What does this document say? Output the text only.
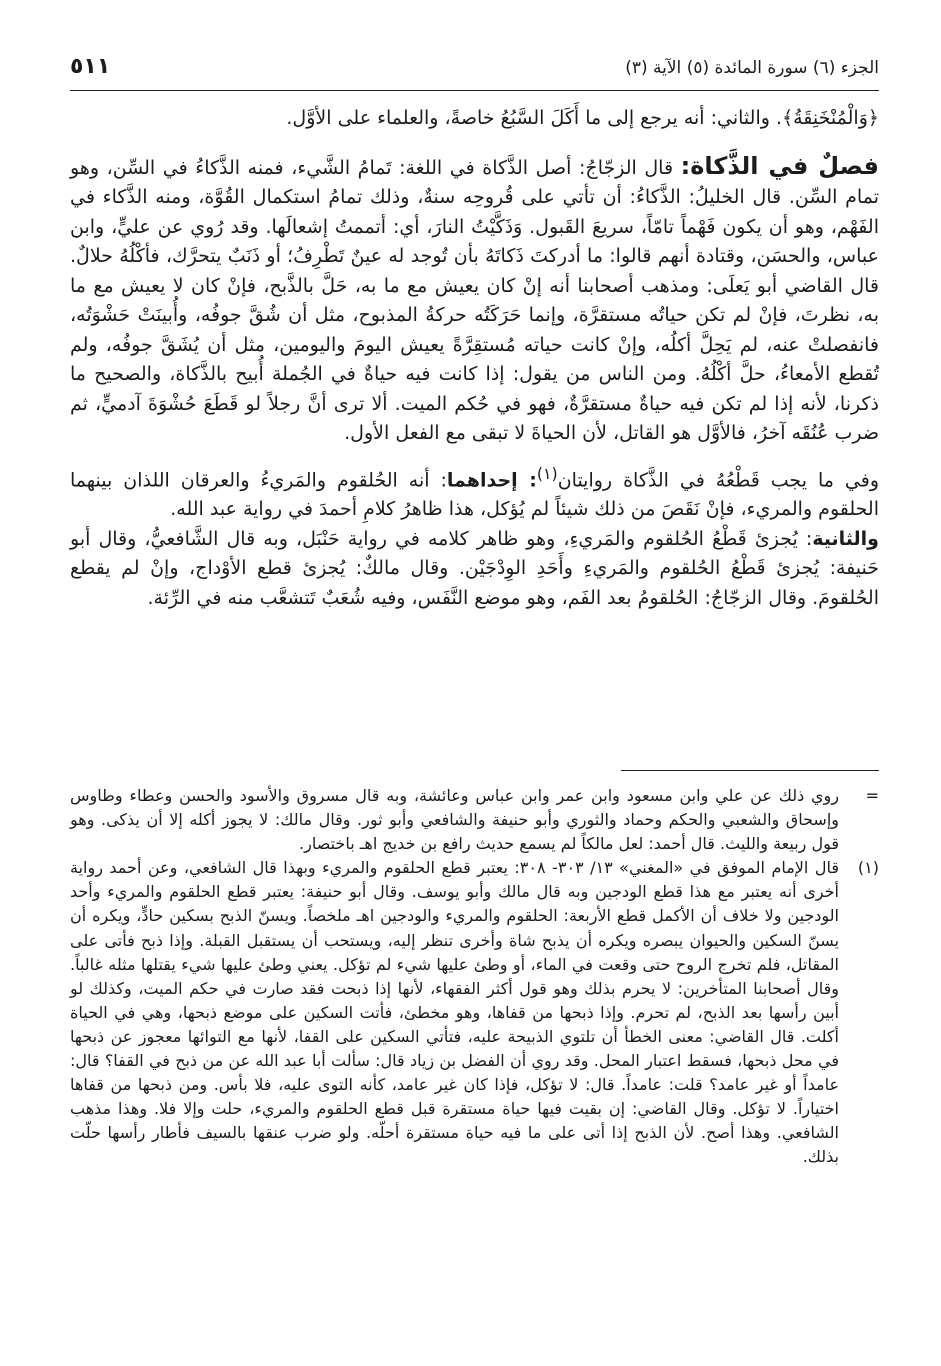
الجزء (٦) سورة المائدة (٥) الآية (٣)
٥١١

﴿وَالْمُنْخَنِقَةُ﴾. والثاني: أنه يرجع إلى ما أَكَلَ السَّبُعُ خاصةً، والعلماء على الأوَّل.

فصلٌ في الذَّكاة: قال الزجّاجُ: أصل الذَّكاة في اللغة: تَمامُ الشَّيء، فمنه الذَّكاءُ في السِّن، وهو تمام السِّن. قال الخليلُ: الذَّكاءُ: أن تأتي على قُروحِه سنةٌ، وذلك تمامُ استكمال القُوَّة، ومنه الذَّكاء في الفَهْم، وهو أن يكون فَهْماً تامّاً، سريعَ القَبول. وَذَكَّيْتُ النارَ، أي: أتممتُ إشعالَها. وقد رُوي عن عليٍّ، وابن عباس، والحسَن، وقتادة أنهم قالوا: ما أدركتَ ذَكاتَهُ بأن تُوجد له عينٌ تَطْرِفُ؛ أو ذَنَبٌ يتحرَّك، فأكْلُهُ حلالٌ. قال القاضي أبو يَعلَى: ومذهب أصحابنا أنه إنْ كان يعيش مع ما به، حَلَّ بالذَّبح، فإنْ كان لا يعيش مع ما به، نظرتَ، فإنْ لم تكن حياتُه مستقرَّة، وإنما حَرَكَتُه حركةُ المذبوح، مثل أن شُقَّ جوفُه، وأُبينَتْ حَشْوَتُه، فانفصلتْ عنه، لم يَحِلَّ أكلُه، وإنْ كانت حياته مُستقِرَّةً يعيش اليومَ واليومين، مثل أن يُشَقَّ جوفُه، ولم تُقطع الأمعاءُ، حلَّ أكْلُهُ. ومن الناس من يقول: إذا كانت فيه حياةٌ في الجُملة أُبيح بالذَّكاة، والصحيح ما ذكرنا، لأنه إذا لم تكن فيه حياةٌ مستقرَّةٌ، فهو في حُكم الميت. ألا ترى أنَّ رجلاً لو قَطَعَ حُشْوَةَ آدميٍّ، ثم ضرب عُنُقَه آخرُ، فالأوَّل هو القاتل، لأن الحياةَ لا تبقى مع الفعل الأول.

وفي ما يجب قَطْعُهُ في الذَّكاة روايتان$^{(١)}$: إحداهما: أنه الحُلقوم والمَريءُ والعرقان اللذان بينهما الحلقوم والمريء، فإنْ نَقَصَ من ذلك شيئاً لم يُؤكل، هذا ظاهرُ كلامِ أحمدَ في رواية عبد الله.

والثانية: يُجزئ قَطْعُ الحُلقوم والمَريءِ، وهو ظاهر كلامه في رواية حَنْبَل، وبه قال الشَّافعيُّ، وقال أبو حَنيفة: يُجزئ قَطْعُ الحُلقوم والمَريءِ وأَحَدِ الوِدْجَيْن. وقال مالكٌ: يُجزئ قطع الأوْداج، وإنْ لم يقطع الحُلقومَ. وقال الزجّاجُ: الحُلقومُ بعد الفَم، وهو موضع النَّفَس، وفيه شُعَبٌ تَتشعَّب منه في الرِّئة.

=
روي ذلك عن علي وابن مسعود وابن عمر وابن عباس وعائشة، وبه قال مسروق والأسود والحسن وعطاء وطاوس وإسحاق والشعبي والحكم وحماد والثوري وأبو حنيفة والشافعي وأبو ثور. وقال مالك: لا يجوز أكله إلا أن يذكى. وهو قول ربيعة والليث. قال أحمد: لعل مالكاً لم يسمع حديث رافع بن خديج اهـ باختصار.
(١)
قال الإمام الموفق في «المغني» ١٣/ ٣٠٣- ٣٠٨: يعتبر قطع الحلقوم والمريء وبهذا قال الشافعي، وعن أحمد رواية أخرى أنه يعتبر مع هذا قطع الودجين وبه قال مالك وأبو يوسف. وقال أبو حنيفة: يعتبر قطع الحلقوم والمريء وأحد الودجين ولا خلاف أن الأكمل قطع الأربعة: الحلقوم والمريء والودجين اهـ ملخصاً. ويسنّ الذبح بسكين حادٍّ، ويكره أن يسنّ السكين والحيوان يبصره ويكره أن يذبح شاة وأخرى تنظر إليه، ويستحب أن يستقبل القبلة. وإذا ذبح فأتى على المقاتل، فلم تخرج الروح حتى وقعت في الماء، أو وطئ عليها شيء لم تؤكل. يعني وطئ عليها شيء يقتلها مثله غالباً. وقال أصحابنا المتأخرين: لا يحرم بذلك وهو قول أكثر الفقهاء، لأنها إذا ذبحت فقد صارت في حكم الميت، وكذلك لو أبين رأسها بعد الذبح، لم تحرم. وإذا ذبحها من قفاها، وهو مخطئ، فأتت السكين على موضع ذبحها، وهي في الحياة أكلت. قال القاضي: معنى الخطأ أن تلتوي الذبيحة عليه، فتأتي السكين على القفا، لأنها مع التوائها معجوز عن ذبحها في محل ذبحها، فسقط اعتبار المحل. وقد روي أن الفضل بن زياد قال: سألت أبا عبد الله عن من ذبح في القفا؟ قال: عامداً أو غير عامد؟ قلت: عامداً. قال: لا تؤكل، فإذا كان غير عامد، كأنه التوى عليه، فلا بأس. ومن ذبحها من قفاها اختياراً. لا تؤكل. وقال القاضي: إن بقيت فيها حياة مستقرة قبل قطع الحلقوم والمريء، حلت وإلا فلا. وهذا مذهب الشافعي. وهذا أصح. لأن الذبح إذا أتى على ما فيه حياة مستقرة أحلّه. ولو ضرب عنقها بالسيف فأطار رأسها حلّت بذلك.
